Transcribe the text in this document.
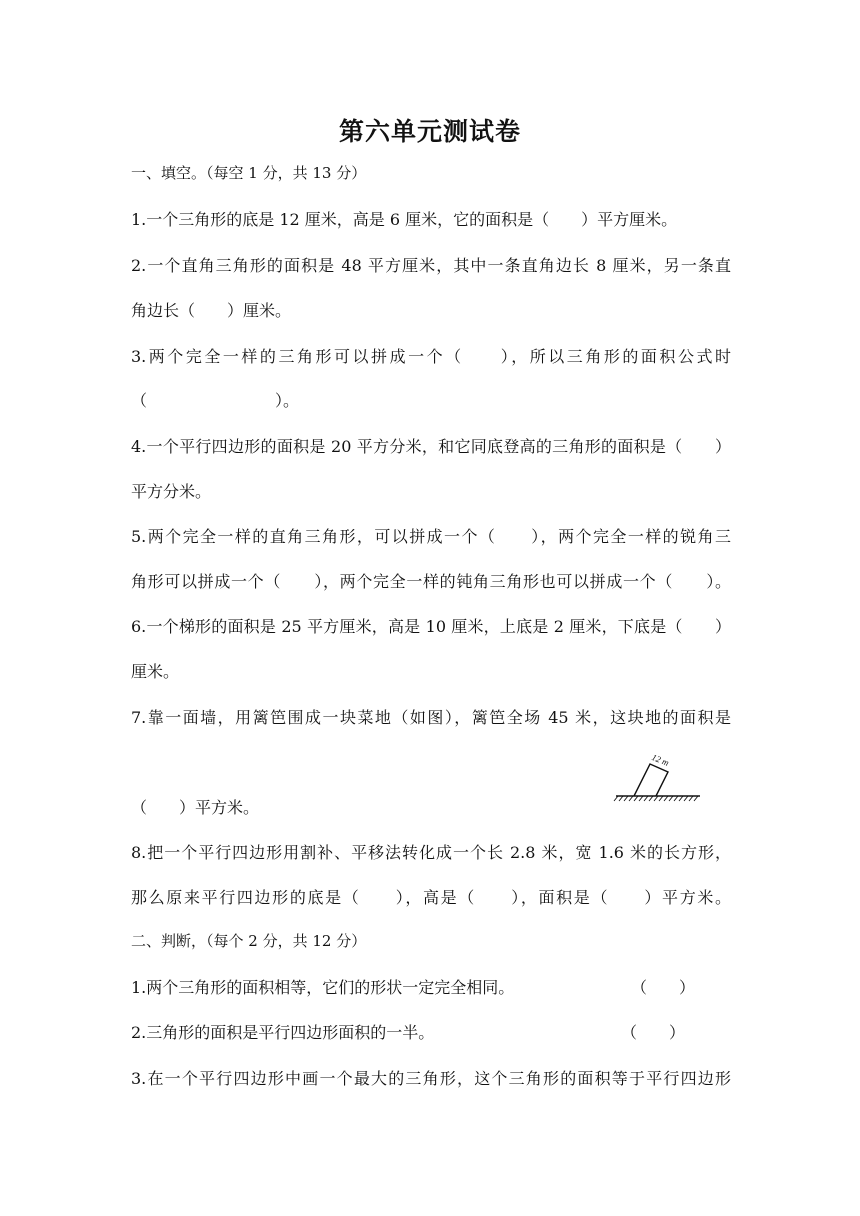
第六单元测试卷
一、填空。（每空 1 分，共 13 分）
1.一个三角形的底是 12 厘米，高是 6 厘米，它的面积是（　　）平方厘米。
2.一个直角三角形的面积是 48 平方厘米，其中一条直角边长 8 厘米，另一条直
角边长（　　）厘米。
3.两个完全一样的三角形可以拼成一个（　　），所以三角形的面积公式时
（　　　　　　　　）。
4.一个平行四边形的面积是 20 平方分米，和它同底登高的三角形的面积是（　　）
平方分米。
5.两个完全一样的直角三角形，可以拼成一个（　　），两个完全一样的锐角三
角形可以拼成一个（　　），两个完全一样的钝角三角形也可以拼成一个（　　）。
6.一个梯形的面积是 25 平方厘米，高是 10 厘米，上底是 2 厘米，下底是（　　）
厘米。
7.靠一面墙，用篱笆围成一块菜地（如图），篱笆全场 45 米，这块地的面积是
12 m
（　　）平方米。
8.把一个平行四边形用割补、平移法转化成一个长 2.8 米，宽 1.6 米的长方形，
那么原来平行四边形的底是（　　），高是（　　），面积是（　　）平方米。
二、判断，（每个 2 分，共 12 分）
1.两个三角形的面积相等，它们的形状一定完全相同。	（　　）
2.三角形的面积是平行四边形面积的一半。	（　　）
3.在一个平行四边形中画一个最大的三角形，这个三角形的面积等于平行四边形
